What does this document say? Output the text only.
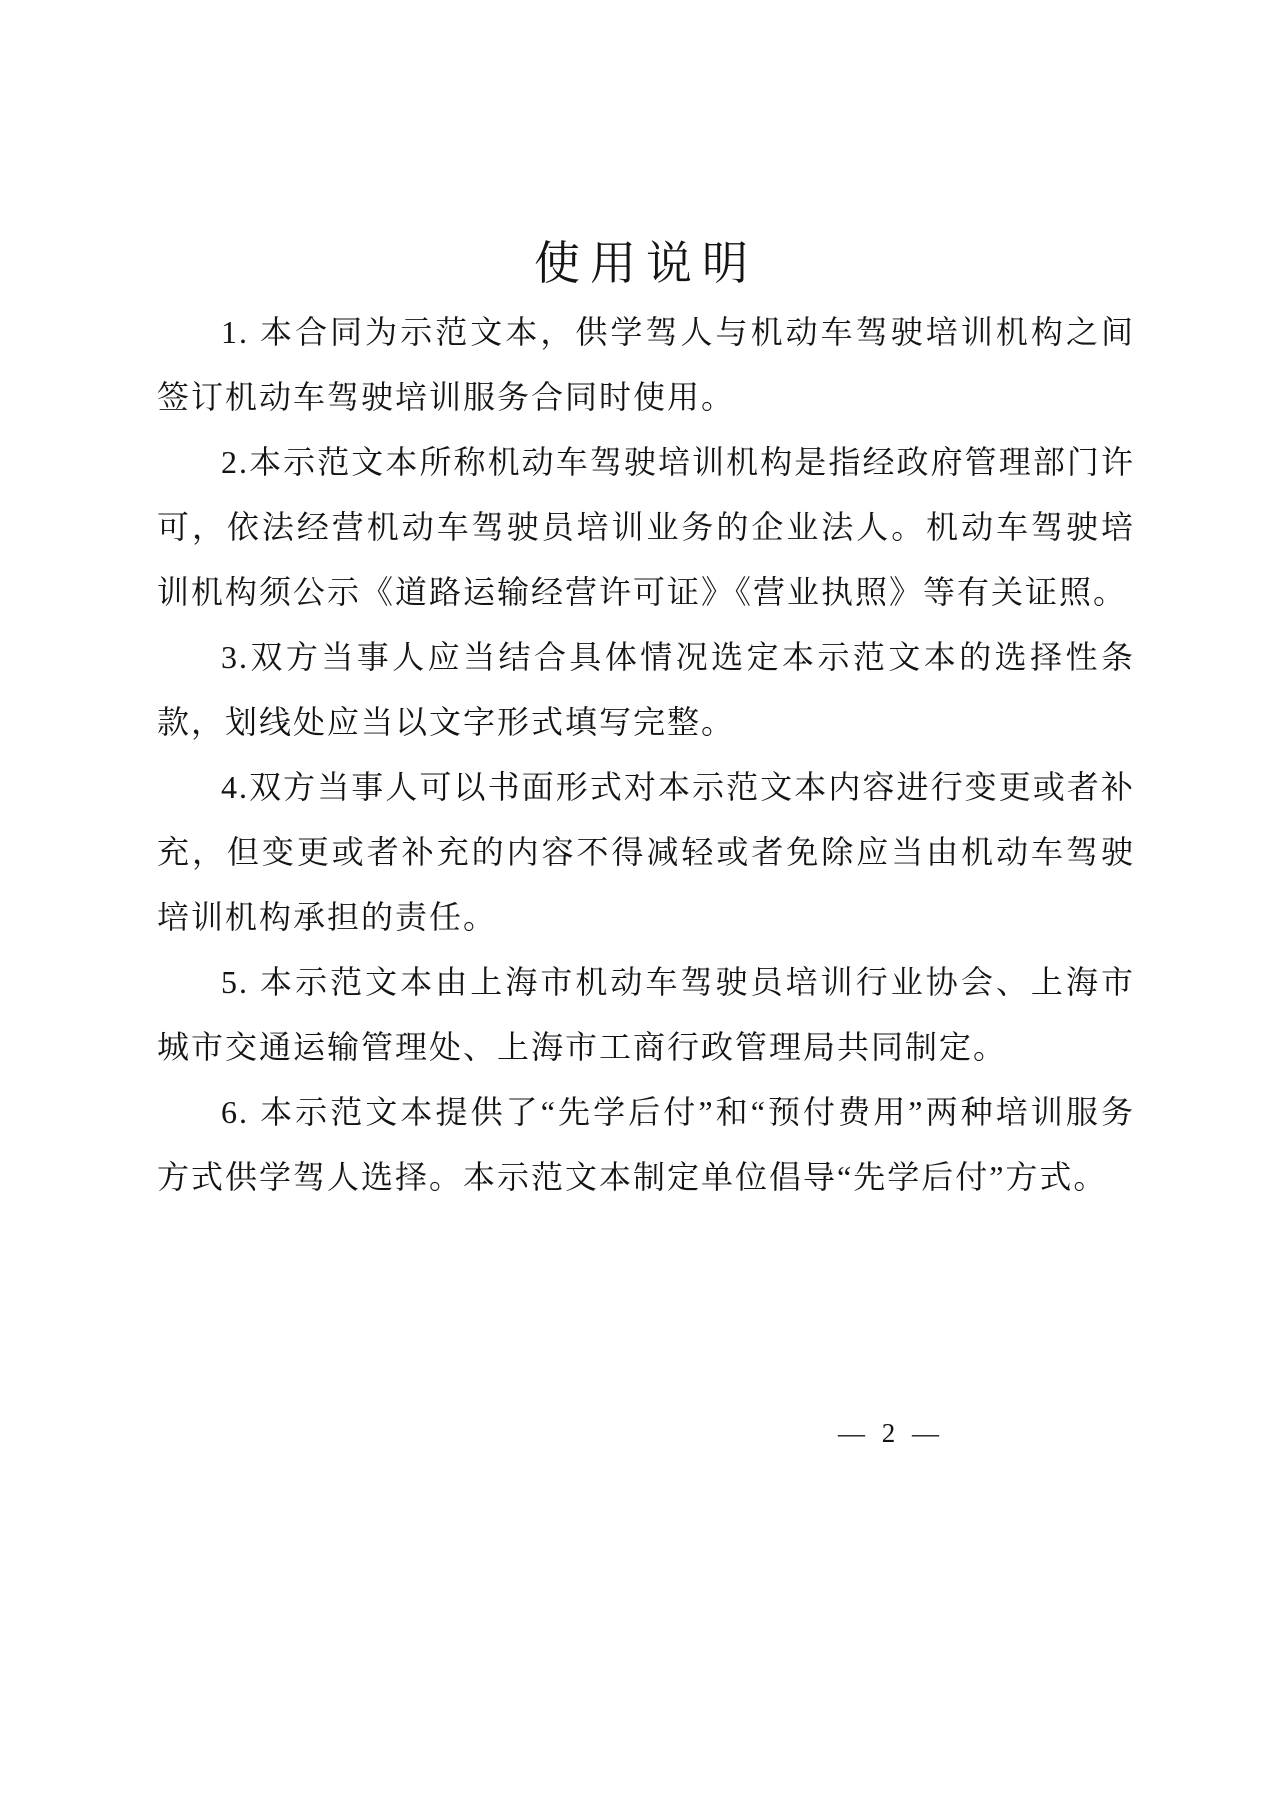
使用说明

1. 本合同为示范文本，供学驾人与机动车驾驶培训机构之间签订机动车驾驶培训服务合同时使用。

2.本示范文本所称机动车驾驶培训机构是指经政府管理部门许可，依法经营机动车驾驶员培训业务的企业法人。机动车驾驶培训机构须公示《道路运输经营许可证》《营业执照》等有关证照。

3.双方当事人应当结合具体情况选定本示范文本的选择性条款，划线处应当以文字形式填写完整。

4.双方当事人可以书面形式对本示范文本内容进行变更或者补充，但变更或者补充的内容不得减轻或者免除应当由机动车驾驶培训机构承担的责任。

5. 本示范文本由上海市机动车驾驶员培训行业协会、上海市城市交通运输管理处、上海市工商行政管理局共同制定。

6. 本示范文本提供了“先学后付”和“预付费用”两种培训服务方式供学驾人选择。本示范文本制定单位倡导“先学后付”方式。

— 2 —
